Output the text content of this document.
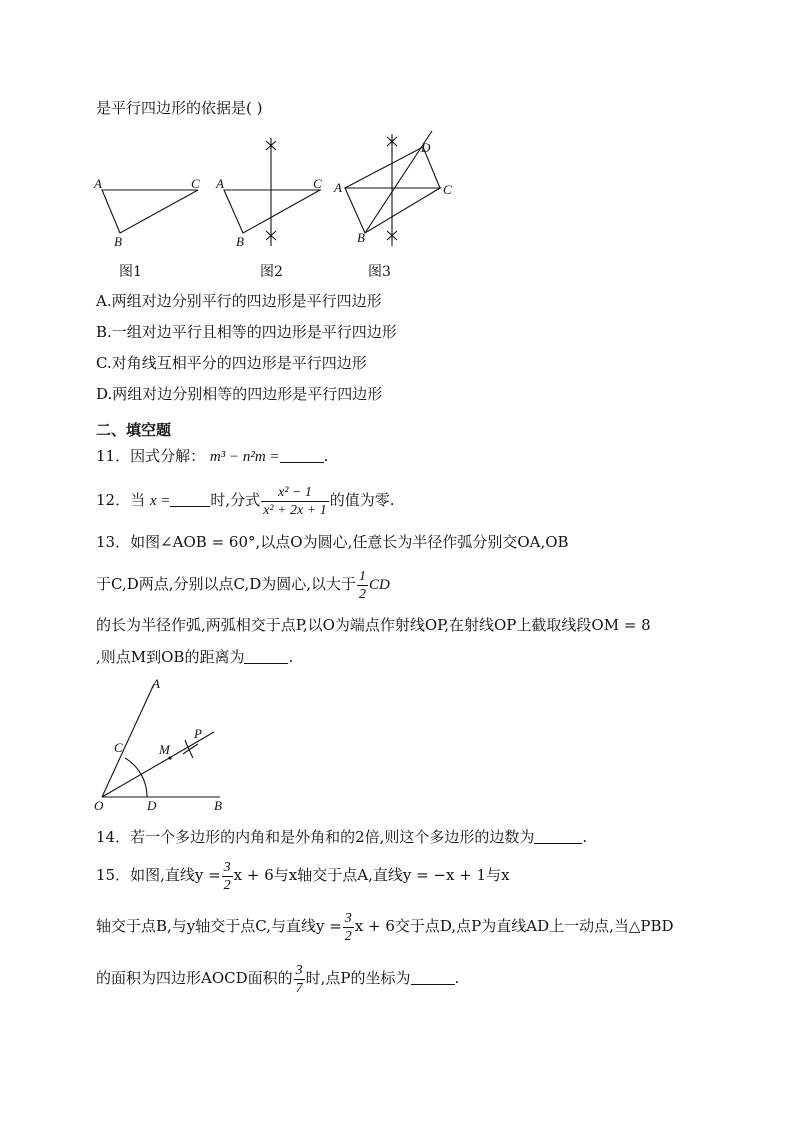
是平行四边形的依据是( )
A	C
B
A	C
B
A	C
B
D
图1	图2	图3
A.两组对边分别平行的四边形是平行四边形
B.一组对边平行且相等的四边形是平行四边形
C.对角线互相平分的四边形是平行四边形
D.两组对边分别相等的四边形是平行四边形
二、填空题
11．因式分解： m³ − n²m =	.
12．当 x =	时,分式 $\frac{\text{x² − 1}}{\text{x² + 2x + 1}}$ 的值为零.
13．如图∠AOB = 60°,以点O为圆心,任意长为半径作弧分别交OA,OB
于C,D两点,分别以点C,D为圆心,以大于 $\frac{1}{2}$ CD
的长为半径作弧,两弧相交于点P,以O为端点作射线OP,在射线OP上截取线段OM = 8
,则点M到OB的距离为	.
A
C	M
P
O	D	B
14．若一个多边形的内角和是外角和的2倍,则这个多边形的边数为	.
15．如图,直线$y = \frac{3}{2}$ x + 6与x轴交于点A,直线y = −x + 1与x
轴交于点B,与y轴交于点C,与直线$y = \frac{3}{2}$ x + 6交于点D,点P为直线AD上一动点,当△PBD
的面积为四边形AOCD面积的 $\frac{3}{7}$ 时,点P的坐标为	.
